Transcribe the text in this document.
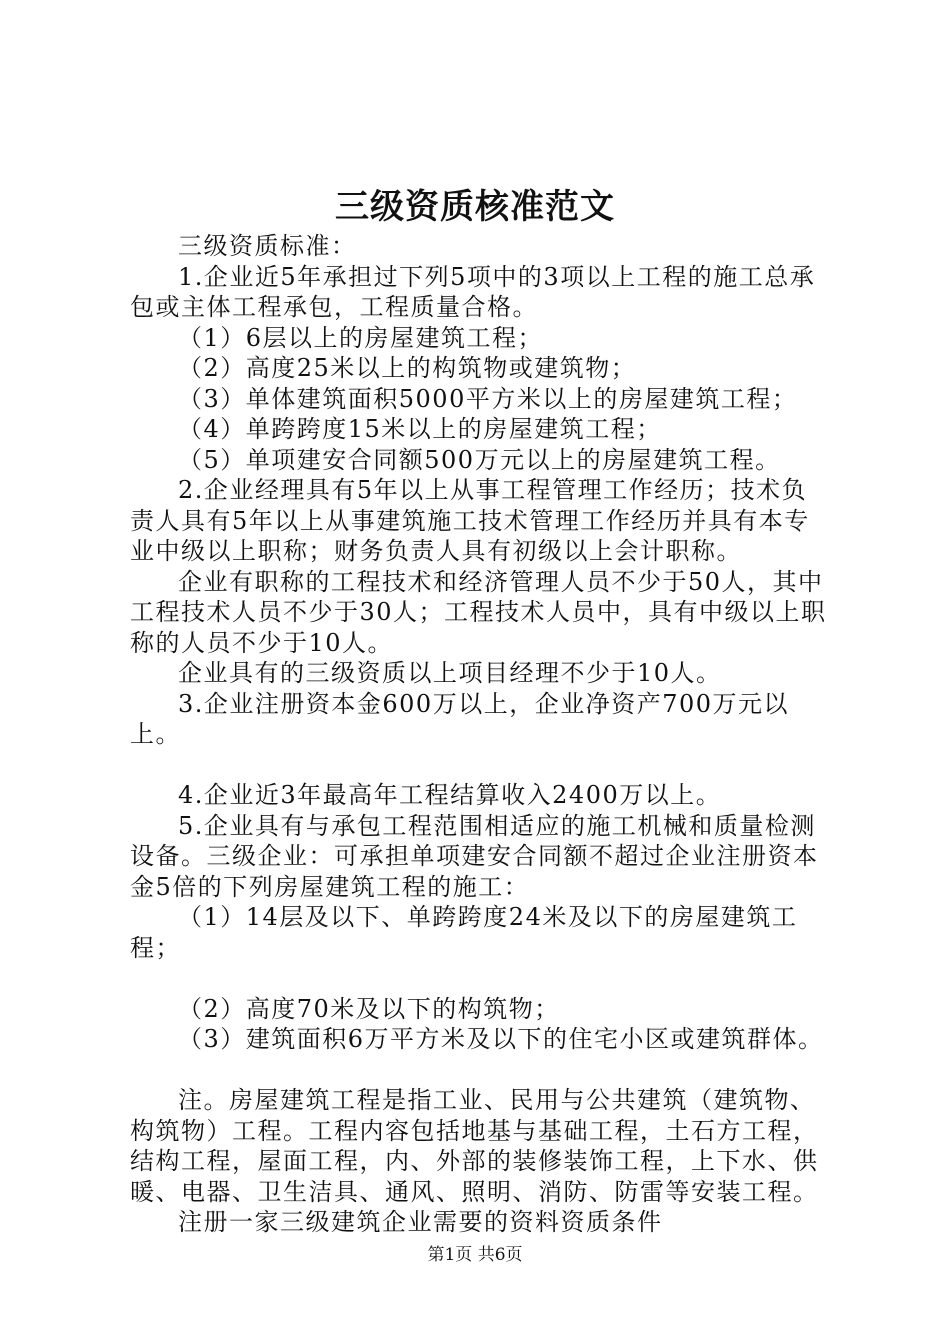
三级资质核准范文

三级资质标准：

1.企业近5年承担过下列5项中的3项以上工程的施工总承包或主体工程承包，工程质量合格。

（1）6层以上的房屋建筑工程；

（2）高度25米以上的构筑物或建筑物；

（3）单体建筑面积5000平方米以上的房屋建筑工程；

（4）单跨跨度15米以上的房屋建筑工程；

（5）单项建安合同额500万元以上的房屋建筑工程。

2.企业经理具有5年以上从事工程管理工作经历；技术负责人具有5年以上从事建筑施工技术管理工作经历并具有本专业中级以上职称；财务负责人具有初级以上会计职称。

企业有职称的工程技术和经济管理人员不少于50人，其中工程技术人员不少于30人；工程技术人员中，具有中级以上职称的人员不少于10人。

企业具有的三级资质以上项目经理不少于10人。

3.企业注册资本金600万以上，企业净资产700万元以上。

4.企业近3年最高年工程结算收入2400万以上。

5.企业具有与承包工程范围相适应的施工机械和质量检测设备。三级企业：可承担单项建安合同额不超过企业注册资本金5倍的下列房屋建筑工程的施工：

（1）14层及以下、单跨跨度24米及以下的房屋建筑工程；

（2）高度70米及以下的构筑物；

（3）建筑面积6万平方米及以下的住宅小区或建筑群体。

注。房屋建筑工程是指工业、民用与公共建筑（建筑物、构筑物）工程。工程内容包括地基与基础工程，土石方工程，结构工程，屋面工程，内、外部的装修装饰工程，上下水、供暖、电器、卫生洁具、通风、照明、消防、防雷等安装工程。

注册一家三级建筑企业需要的资料资质条件

第1页 共6页
